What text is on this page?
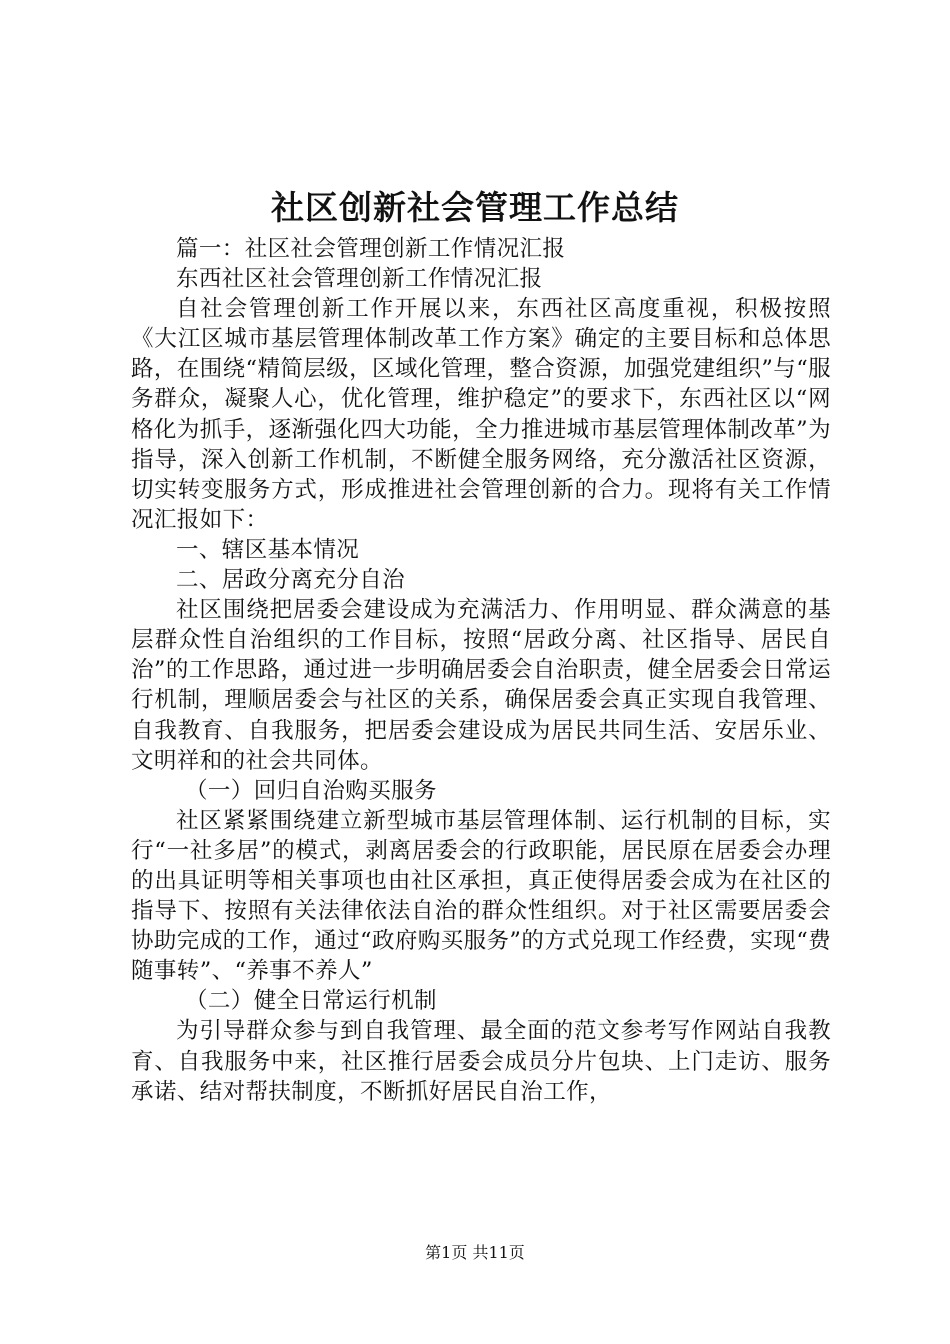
社区创新社会管理工作总结

篇一：社区社会管理创新工作情况汇报

东西社区社会管理创新工作情况汇报

自社会管理创新工作开展以来，东西社区高度重视，积极按照《大江区城市基层管理体制改革工作方案》确定的主要目标和总体思路，在围绕“精简层级，区域化管理，整合资源，加强党建组织”与“服务群众，凝聚人心，优化管理，维护稳定”的要求下，东西社区以“网格化为抓手，逐渐强化四大功能，全力推进城市基层管理体制改革”为指导，深入创新工作机制，不断健全服务网络，充分激活社区资源，切实转变服务方式，形成推进社会管理创新的合力。现将有关工作情况汇报如下：

一、辖区基本情况

二、居政分离充分自治

社区围绕把居委会建设成为充满活力、作用明显、群众满意的基层群众性自治组织的工作目标，按照“居政分离、社区指导、居民自治”的工作思路，通过进一步明确居委会自治职责，健全居委会日常运行机制，理顺居委会与社区的关系，确保居委会真正实现自我管理、自我教育、自我服务，把居委会建设成为居民共同生活、安居乐业、文明祥和的社会共同体。

（一）回归自治购买服务

社区紧紧围绕建立新型城市基层管理体制、运行机制的目标，实行“一社多居”的模式，剥离居委会的行政职能，居民原在居委会办理的出具证明等相关事项也由社区承担，真正使得居委会成为在社区的指导下、按照有关法律依法自治的群众性组织。对于社区需要居委会协助完成的工作，通过“政府购买服务”的方式兑现工作经费，实现“费随事转”、“养事不养人”

（二）健全日常运行机制

为引导群众参与到自我管理、最全面的范文参考写作网站自我教育、自我服务中来，社区推行居委会成员分片包块、上门走访、服务承诺、结对帮扶制度，不断抓好居民自治工作，

第1页 共11页
